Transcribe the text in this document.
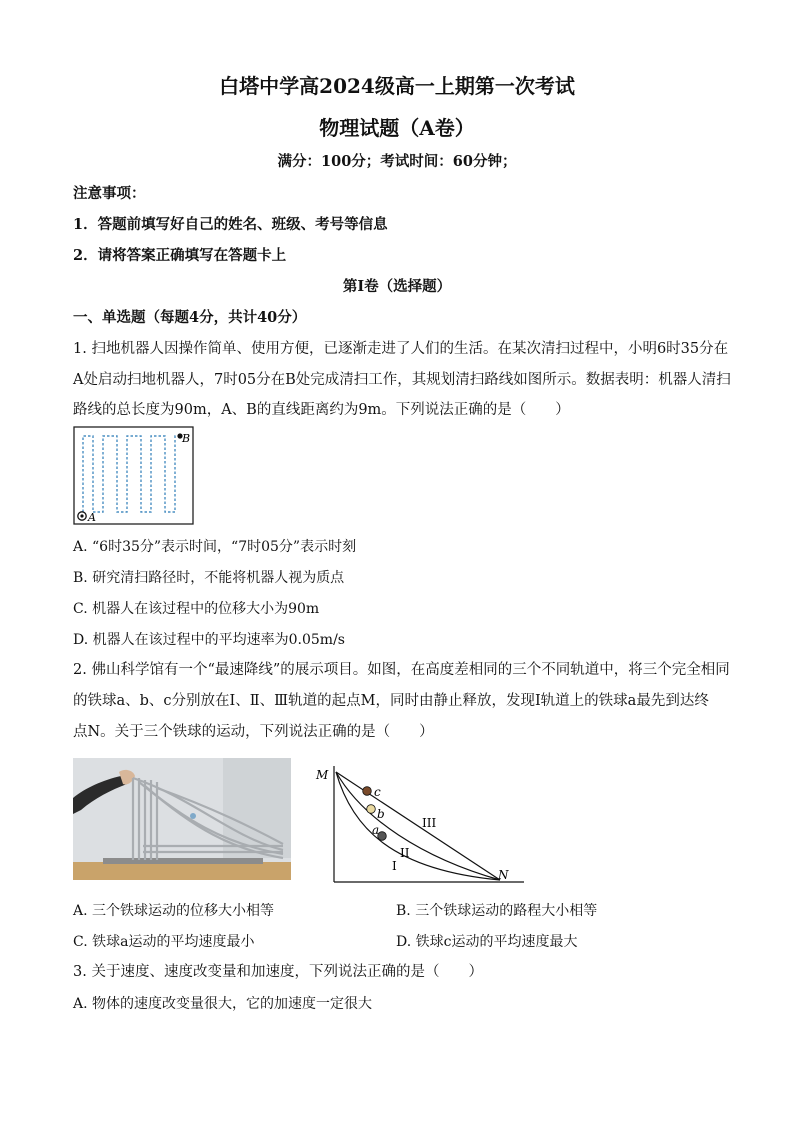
白塔中学高2024级高一上期第一次考试
物理试题（A卷）
满分：100分；考试时间：60分钟；
注意事项：
1．答题前填写好自己的姓名、班级、考号等信息
2．请将答案正确填写在答题卡上
第I卷（选择题）
一、单选题（每题4分，共计40分）
1. 扫地机器人因操作简单、使用方便，已逐渐走进了人们的生活。在某次清扫过程中，小明6时35分在
A处启动扫地机器人，7时05分在B处完成清扫工作，其规划清扫路线如图所示。数据表明：机器人清扫
路线的总长度为90m，A、B的直线距离约为9m。下列说法正确的是（　　）
B
A
A. “6时35分”表示时间，“7时05分”表示时刻
B. 研究清扫路径时，不能将机器人视为质点
C. 机器人在该过程中的位移大小为90m
D. 机器人在该过程中的平均速率为0.05m/s
2. 佛山科学馆有一个“最速降线”的展示项目。如图，在高度差相同的三个不同轨道中，将三个完全相同
的铁球a、b、c分别放在Ⅰ、Ⅱ、Ⅲ轨道的起点M，同时由静止释放，发现Ⅰ轨道上的铁球a最先到达终
点N。关于三个铁球的运动，下列说法正确的是（　　）
M
N
c
b
a	III
II
I
A. 三个铁球运动的位移大小相等	B. 三个铁球运动的路程大小相等
C. 铁球a运动的平均速度最小	D. 铁球c运动的平均速度最大
3. 关于速度、速度改变量和加速度，下列说法正确的是（　　）
A. 物体的速度改变量很大，它的加速度一定很大
